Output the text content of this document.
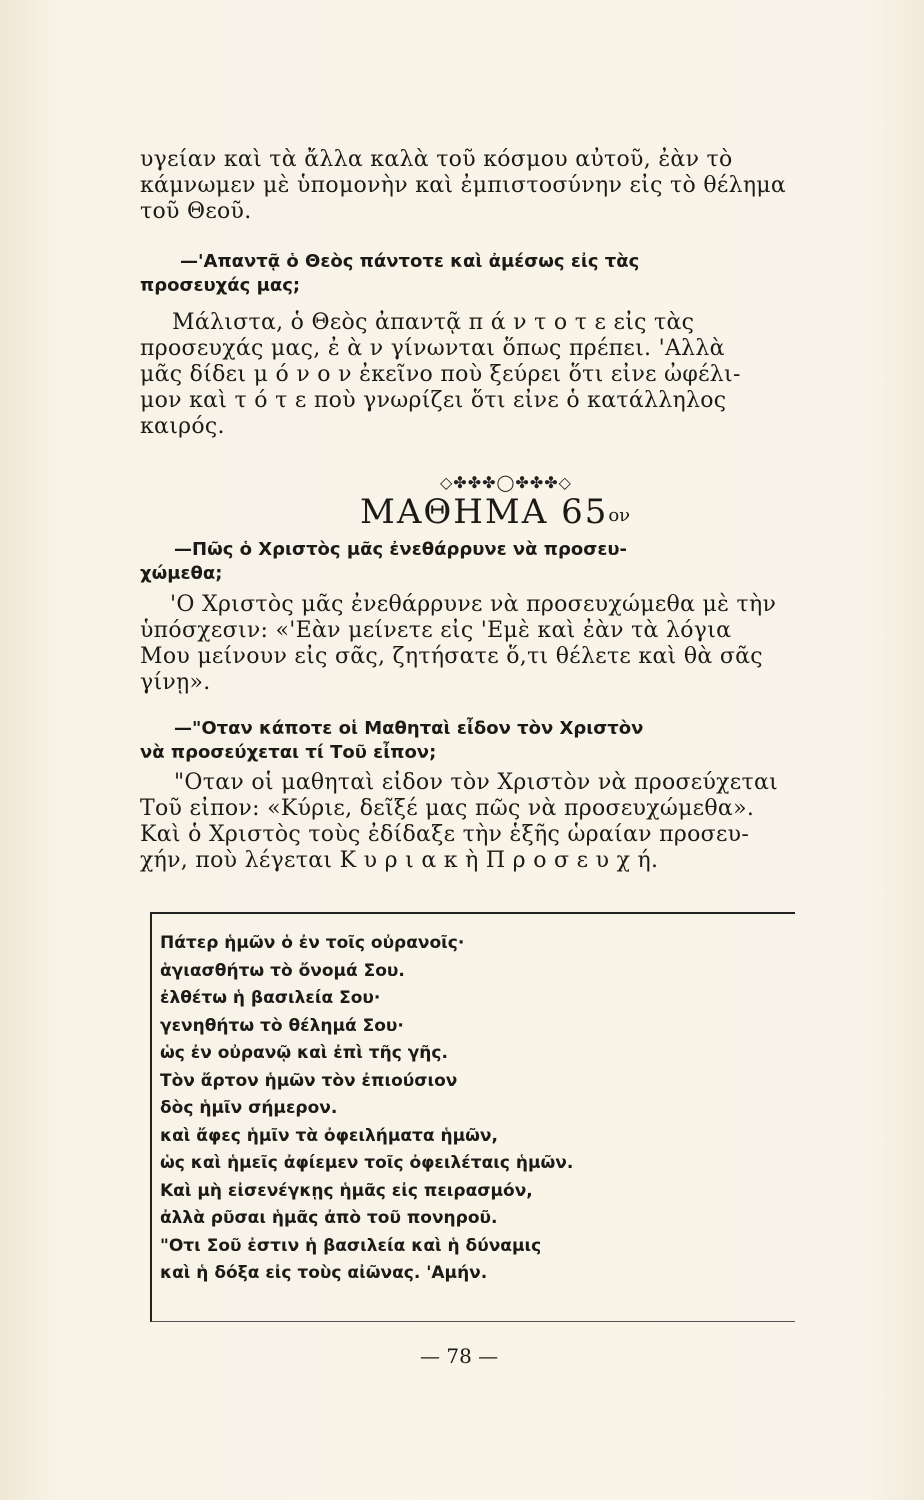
υγείαν καὶ τὰ ἄλλα καλὰ τοῦ κόσμου αὐτοῦ, ἐὰν τὸ
κάμνωμεν μὲ ὑπομονὴν καὶ ἐμπιστοσύνην εἰς τὸ θέλημα
τοῦ Θεοῦ.
—'Απαντᾷ ὁ Θεὸς πάντοτε καὶ ἀμέσως εἰς τὰς
προσευχάς μας;
Μάλιστα, ὁ Θεὸς ἀπαντᾷ π ά ν τ ο τ ε εἰς τὰς
προσευχάς μας, ἐ ὰ ν γίνωνται ὅπως πρέπει. 'Αλλὰ
μᾶς δίδει μ ό ν ο ν ἐκεῖνο ποὺ ξεύρει ὅτι εἶνε ὠφέλι-
μον καὶ τ ό τ ε ποὺ γνωρίζει ὅτι εἶνε ὁ κατάλληλος
καιρός.
◇✤✤✤◯✤✤✤◇
ΜΑΘΗΜΑ $65^{o\nu}$
—Πῶς ὁ Χριστὸς μᾶς ἐνεθάρρυνε νὰ προσευ-
χώμεθα;
'Ο Χριστὸς μᾶς ἐνεθάρρυνε νὰ προσευχώμεθα μὲ τὴν
ὑπόσχεσιν: «'Εὰν μείνετε εἰς 'Εμὲ καὶ ἐὰν τὰ λόγια
Μου μείνουν εἰς σᾶς, ζητήσατε ὅ,τι θέλετε καὶ θὰ σᾶς
γίνῃ».
—"Οταν κάποτε οἱ Μαθηταὶ εἶδον τὸν Χριστὸν
νὰ προσεύχεται τί Τοῦ εἶπον;
"Οταν οἱ μαθηταὶ εἶδον τὸν Χριστὸν νὰ προσεύχεται
Τοῦ εἶπον: «Κύριε, δεῖξέ μας πῶς νὰ προσευχώμεθα».
Καὶ ὁ Χριστὸς τοὺς ἐδίδαξε τὴν ἑξῆς ὡραίαν προσευ-
χήν, ποὺ λέγεται Κ υ ρ ι α κ ὴ Π ρ ο σ ε υ χ ή.
Πάτερ ἡμῶν ὁ ἐν τοῖς οὐρανοῖς·
ἁγιασθήτω τὸ ὄνομά Σου.
ἐλθέτω ἡ βασιλεία Σου·
γενηθήτω τὸ θέλημά Σου·
ὡς ἐν οὐρανῷ καὶ ἐπὶ τῆς γῆς.
Τὸν ἄρτον ἡμῶν τὸν ἐπιούσιον
δὸς ἡμῖν σήμερον.
καὶ ἄφες ἡμῖν τὰ ὀφειλήματα ἡμῶν,
ὡς καὶ ἡμεῖς ἀφίεμεν τοῖς ὀφειλέταις ἡμῶν.
Καὶ μὴ εἰσενέγκῃς ἡμᾶς εἰς πειρασμόν,
ἀλλὰ ρῦσαι ἡμᾶς ἀπὸ τοῦ πονηροῦ.
"Οτι Σοῦ ἐστιν ἡ βασιλεία καὶ ἡ δύναμις
καὶ ἡ δόξα εἰς τοὺς αἰῶνας. 'Αμήν.
— 78 —
